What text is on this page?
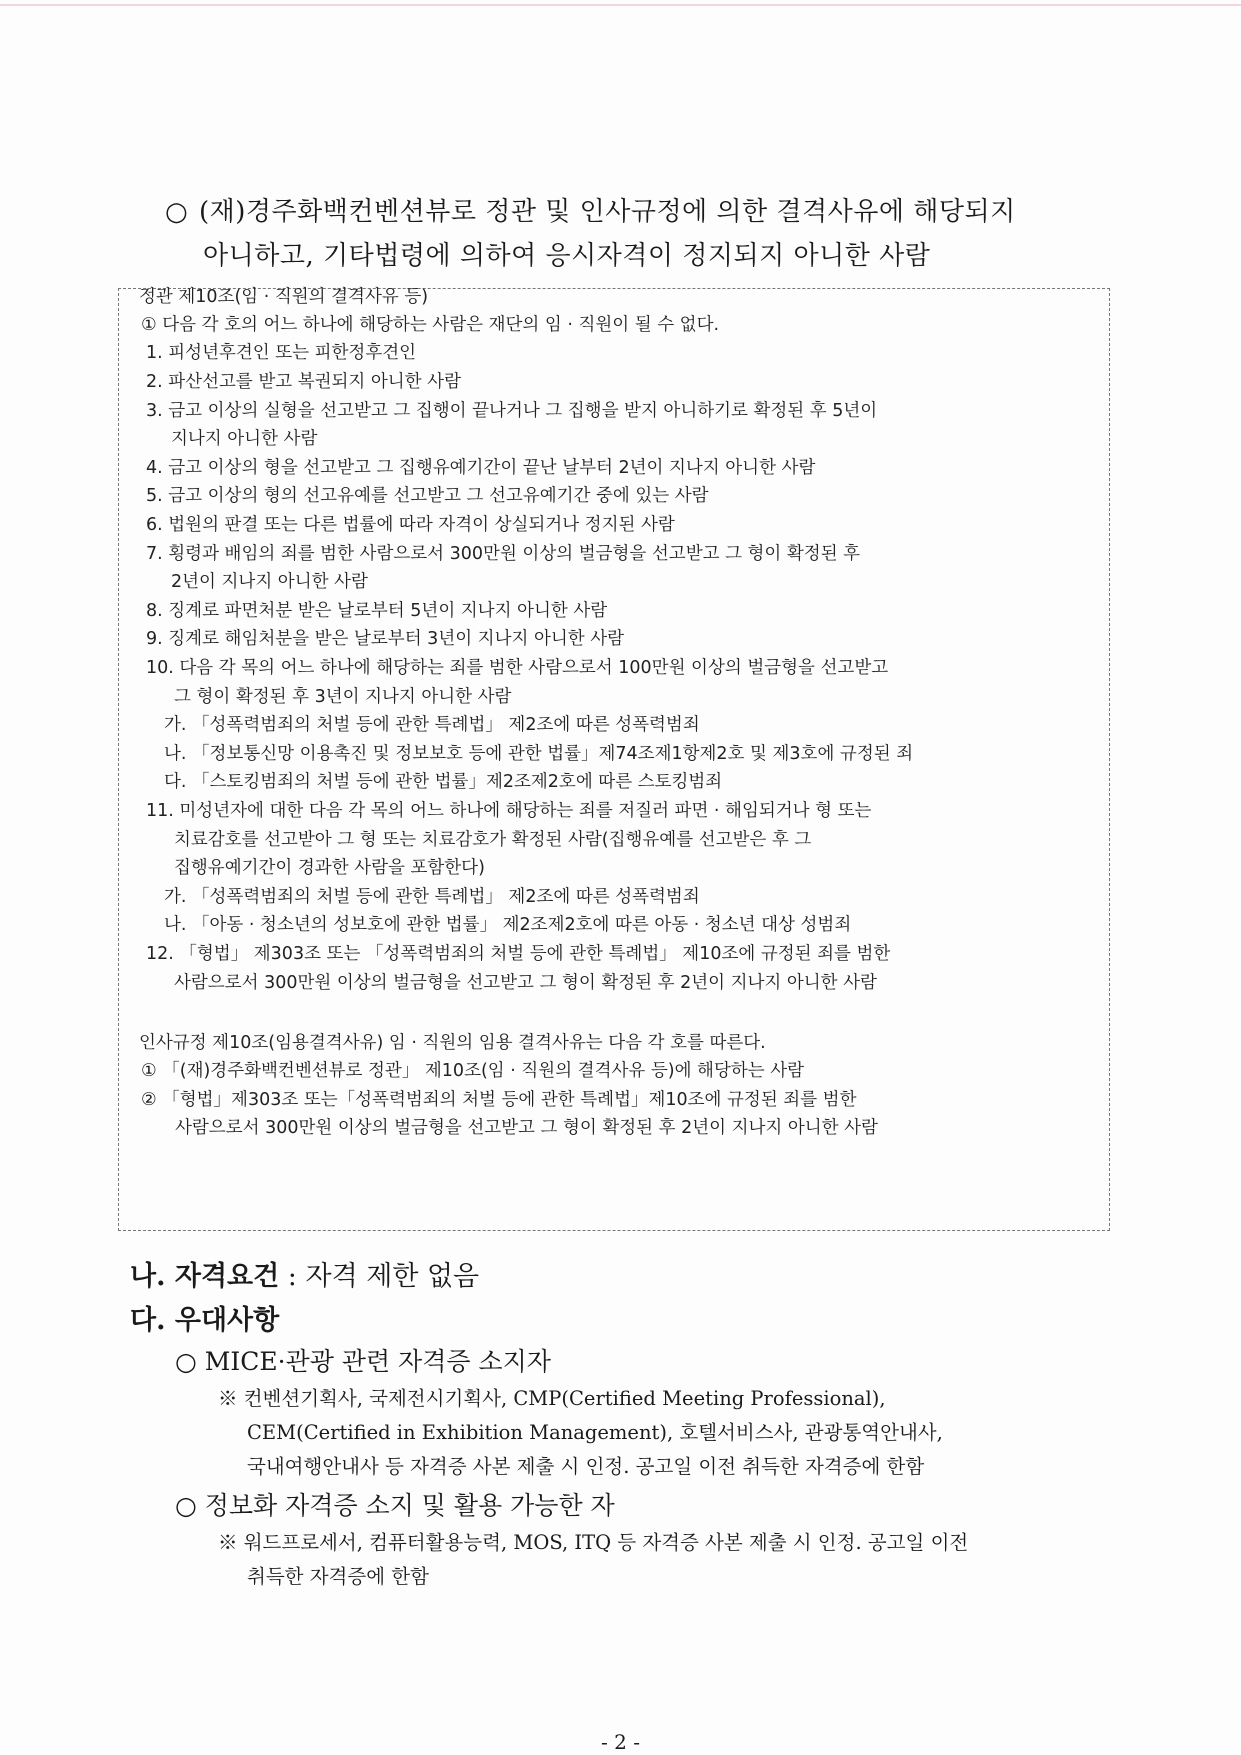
○ (재)경주화백컨벤션뷰로 정관 및 인사규정에 의한 결격사유에 해당되지
아니하고, 기타법령에 의하여 응시자격이 정지되지 아니한 사람
정관 제10조(임 · 직원의 결격사유 등)
① 다음 각 호의 어느 하나에 해당하는 사람은 재단의 임 · 직원이 될 수 없다.
1. 피성년후견인 또는 피한정후견인
2. 파산선고를 받고 복권되지 아니한 사람
3. 금고 이상의 실형을 선고받고 그 집행이 끝나거나 그 집행을 받지 아니하기로 확정된 후 5년이
지나지 아니한 사람
4. 금고 이상의 형을 선고받고 그 집행유예기간이 끝난 날부터 2년이 지나지 아니한 사람
5. 금고 이상의 형의 선고유예를 선고받고 그 선고유예기간 중에 있는 사람
6. 법원의 판결 또는 다른 법률에 따라 자격이 상실되거나 정지된 사람
7. 횡령과 배임의 죄를 범한 사람으로서 300만원 이상의 벌금형을 선고받고 그 형이 확정된 후
2년이 지나지 아니한 사람
8. 징계로 파면처분 받은 날로부터 5년이 지나지 아니한 사람
9. 징계로 해임처분을 받은 날로부터 3년이 지나지 아니한 사람
10. 다음 각 목의 어느 하나에 해당하는 죄를 범한 사람으로서 100만원 이상의 벌금형을 선고받고
그 형이 확정된 후 3년이 지나지 아니한 사람
가. 「성폭력범죄의 처벌 등에 관한 특례법」 제2조에 따른 성폭력범죄
나. 「정보통신망 이용촉진 및 정보보호 등에 관한 법률」제74조제1항제2호 및 제3호에 규정된 죄
다. 「스토킹범죄의 처벌 등에 관한 법률」제2조제2호에 따른 스토킹범죄
11. 미성년자에 대한 다음 각 목의 어느 하나에 해당하는 죄를 저질러 파면 · 해임되거나 형 또는
치료감호를 선고받아 그 형 또는 치료감호가 확정된 사람(집행유예를 선고받은 후 그
집행유예기간이 경과한 사람을 포함한다)
가. 「성폭력범죄의 처벌 등에 관한 특례법」 제2조에 따른 성폭력범죄
나. 「아동 · 청소년의 성보호에 관한 법률」 제2조제2호에 따른 아동 · 청소년 대상 성범죄
12. 「형법」 제303조 또는 「성폭력범죄의 처벌 등에 관한 특례법」 제10조에 규정된 죄를 범한
사람으로서 300만원 이상의 벌금형을 선고받고 그 형이 확정된 후 2년이 지나지 아니한 사람
인사규정 제10조(임용결격사유) 임 · 직원의 임용 결격사유는 다음 각 호를 따른다.
① 「(재)경주화백컨벤션뷰로 정관」 제10조(임 · 직원의 결격사유 등)에 해당하는 사람
② 「형법」제303조 또는「성폭력범죄의 처벌 등에 관한 특례법」제10조에 규정된 죄를 범한
사람으로서 300만원 이상의 벌금형을 선고받고 그 형이 확정된 후 2년이 지나지 아니한 사람
나. 자격요건 : 자격 제한 없음
다. 우대사항
○ MICE·관광 관련 자격증 소지자
※ 컨벤션기획사, 국제전시기획사, CMP(Certified Meeting Professional),
CEM(Certified in Exhibition Management), 호텔서비스사, 관광통역안내사,
국내여행안내사 등 자격증 사본 제출 시 인정. 공고일 이전 취득한 자격증에 한함
○ 정보화 자격증 소지 및 활용 가능한 자
※ 워드프로세서, 컴퓨터활용능력, MOS, ITQ 등 자격증 사본 제출 시 인정. 공고일 이전
취득한 자격증에 한함
- 2 -
